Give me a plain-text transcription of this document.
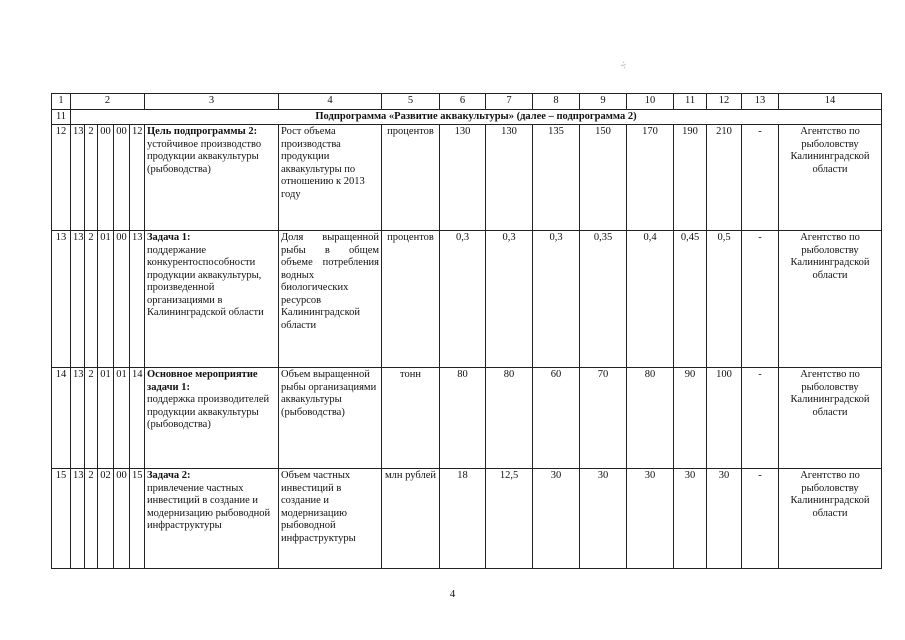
·ı·
1	2					3	4	5	6	7	8	9	10	11	12	13	14
11	Подпрограмма «Развитие аквакультуры» (далее – подпрограмма 2)																
12	13	2	00	00	12	Цель подпрограммы 2:
устойчивое производство продукции аквакультуры (рыбоводства)	Рост объема производства продукции аквакультуры по отношению к 2013 году	процентов	130	130	135	150	170	190	210	-	Агентство по рыболовству Калининградской области
13	13	2	01	00	13	Задача 1:
поддержание конкурентоспособности продукции аквакультуры, произведенной организациями в Калининградской области	Доля выращенной рыбы в общем объеме потребления водных биологических ресурсов Калининградской области	процентов	0,3	0,3	0,3	0,35	0,4	0,45	0,5	-	Агентство по рыболовству Калининградской области
14	13	2	01	01	14	Основное мероприятие задачи 1:
поддержка производителей продукции аквакультуры (рыбоводства)	Объем выращенной рыбы организациями аквакультуры (рыбоводства)	тонн	80	80	60	70	80	90	100	-	Агентство по рыболовству Калининградской области
15	13	2	02	00	15	Задача 2:
привлечение частных инвестиций в создание и модернизацию рыбоводной инфраструктуры	Объем частных инвестиций в создание и модернизацию рыбоводной инфраструктуры	млн рублей	18	12,5	30	30	30	30	30	-	Агентство по рыболовству Калининградской области
4
